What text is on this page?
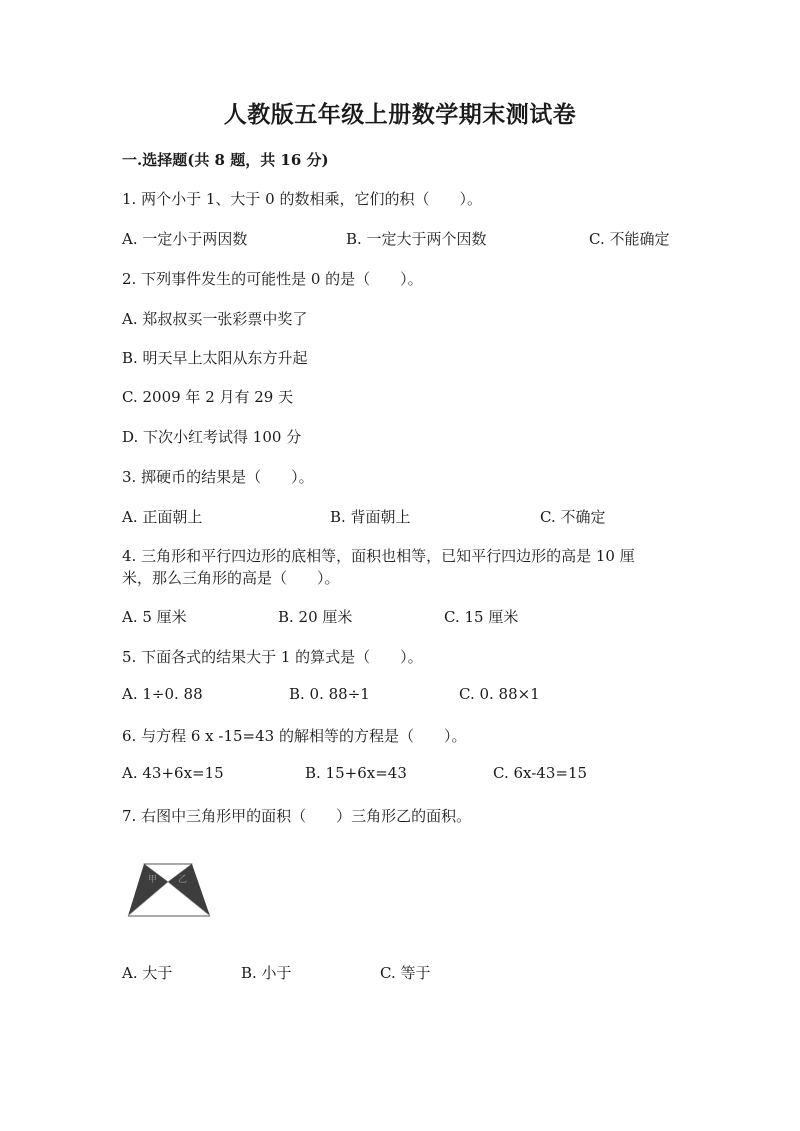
人教版五年级上册数学期末测试卷
一.选择题(共 8 题，共 16 分)
1. 两个小于 1、大于 0 的数相乘，它们的积（　　）。
A. 一定小于两因数	B. 一定大于两个因数	C. 不能确定
2. 下列事件发生的可能性是 0 的是（　　）。
A. 郑叔叔买一张彩票中奖了
B. 明天早上太阳从东方升起
C. 2009 年 2 月有 29 天
D. 下次小红考试得 100 分
3. 掷硬币的结果是（　　）。
A. 正面朝上	B. 背面朝上	C. 不确定
4. 三角形和平行四边形的底相等，面积也相等，已知平行四边形的高是 10 厘
米，那么三角形的高是（　　）。
A. 5 厘米	B. 20 厘米	C. 15 厘米
5. 下面各式的结果大于 1 的算式是（　　）。
A. 1÷0. 88	B. 0. 88÷1	C. 0. 88×1
6. 与方程 6 x -15=43 的解相等的方程是（　　）。
A. 43+6x=15	B. 15+6x=43	C. 6x-43=15
7. 右图中三角形甲的面积（　　）三角形乙的面积。
甲 乙
A. 大于	B. 小于	C. 等于
